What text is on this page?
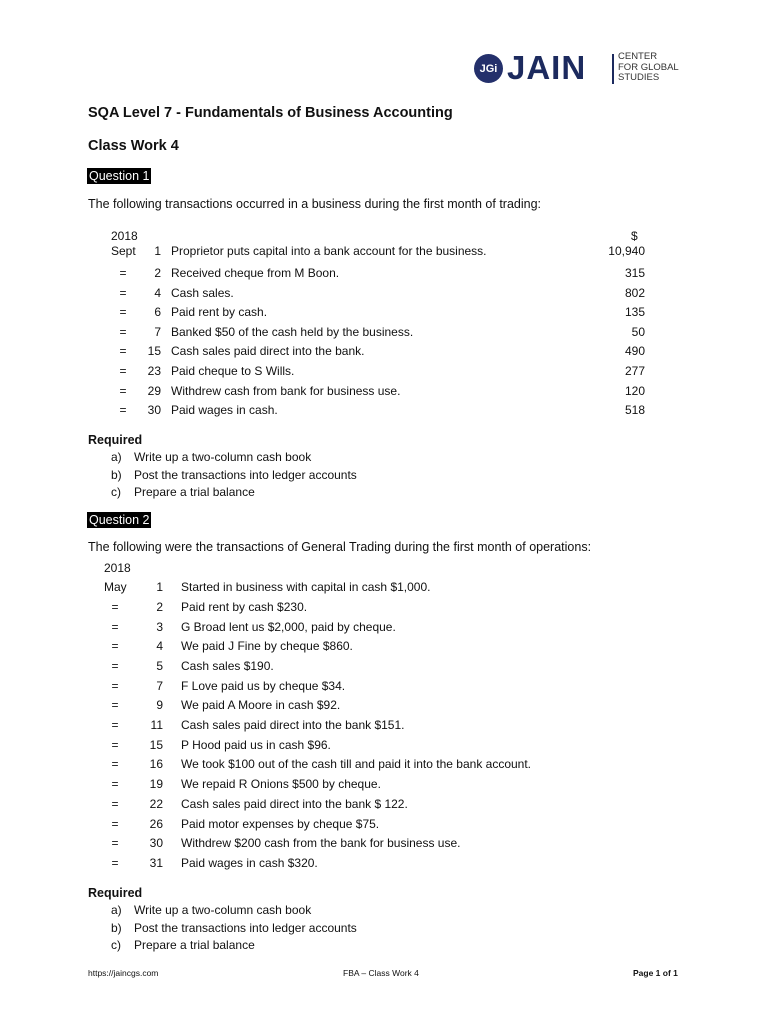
JGi JAIN	CENTER
FOR GLOBAL
STUDIES
SQA Level 7 - Fundamentals of Business Accounting
Class Work 4
Question 1
The following transactions occurred in a business during the first month of trading:
2018	$
Sept	1 Proprietor puts capital into a bank account for the business.	10,940
=	2 Received cheque from M Boon.	315
=	4 Cash sales.	802
=	6 Paid rent by cash.	135
=	7 Banked $50 of the cash held by the business.	50
=	15 Cash sales paid direct into the bank.	490
=	23 Paid cheque to S Wills.	277
=	29 Withdrew cash from bank for business use.	120
=	30 Paid wages in cash.	518
Required
a) Write up a two-column cash book
b) Post the transactions into ledger accounts
c) Prepare a trial balance
Question 2
The following were the transactions of General Trading during the first month of operations:
2018
May	1 Started in business with capital in cash $1,000.
=	2 Paid rent by cash $230.
=	3 G Broad lent us $2,000, paid by cheque.
=	4 We paid J Fine by cheque $860.
=	5 Cash sales $190.
=	7 F Love paid us by cheque $34.
=	9 We paid A Moore in cash $92.
=	11 Cash sales paid direct into the bank $151.
=	15 P Hood paid us in cash $96.
=	16 We took $100 out of the cash till and paid it into the bank account.
=	19 We repaid R Onions $500 by cheque.
=	22 Cash sales paid direct into the bank $ 122.
=	26 Paid motor expenses by cheque $75.
=	30 Withdrew $200 cash from the bank for business use.
=	31 Paid wages in cash $320.
Required
a) Write up a two-column cash book
b) Post the transactions into ledger accounts
c) Prepare a trial balance
https://jaincgs.com	FBA – Class Work 4	Page 1 of 1
